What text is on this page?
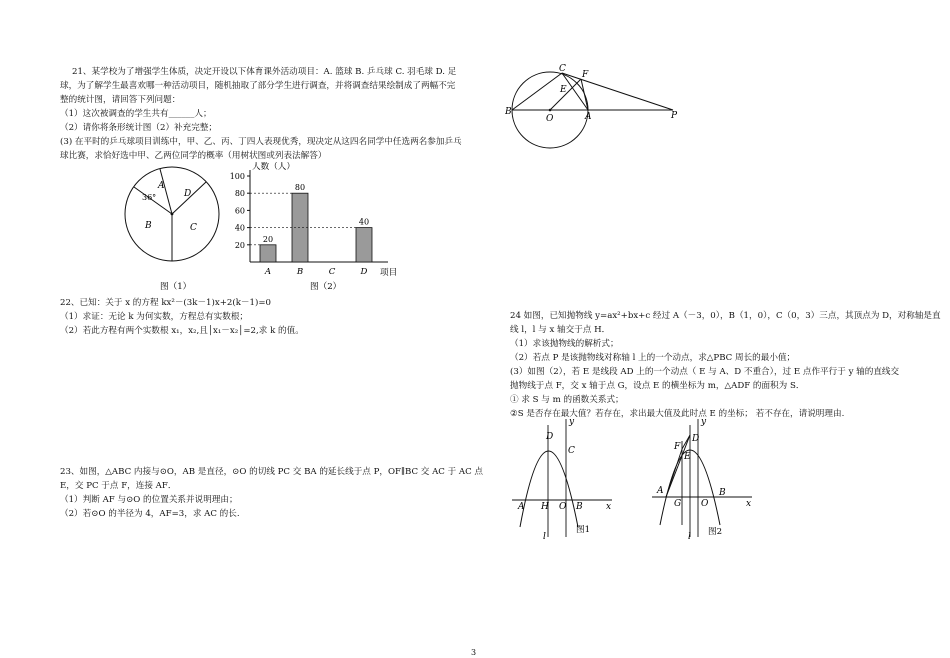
21、某学校为了增强学生体质，决定开设以下体育课外活动项目：A. 篮球 B. 乒乓球 C. 羽毛球 D. 足
球，为了解学生最喜欢哪一种活动项目，随机抽取了部分学生进行调查，并将调查结果绘制成了两幅不完
整的统计图，请回答下列问题：
（1）这次被调查的学生共有______人；
（2）请你将条形统计图（2）补充完整；
(3) 在平时的乒乓球项目训练中，甲、乙、丙、丁四人表现优秀，现决定从这四名同学中任选两名参加乒乓
球比赛，求恰好选中甲、乙两位同学的概率（用树状图或列表法解答）
A
36°
B	C
D
图（1）
20
40
60
80
100
A
20
B
80
C	D
40
人数（人）
项目
图（2）
22、已知：关于 x 的方程 kx²－(3k－1)x+2(k－1)=0
（1）求证：无论 k 为何实数，方程总有实数根；
（2）若此方程有两个实数根 x₁，x₂,且│x₁－x₂│=2,求 k 的值。
23、如图，△ABC 内接与⊙O，AB 是直径，⊙O 的切线 PC 交 BA 的延长线于点 P，OF∥BC 交 AC 于 AC 点
E，交 PC 于点 F，连接 AF．
（1）判断 AF 与⊙O 的位置关系并说明理由；
（2）若⊙O 的半径为 4，AF=3，求 AC 的长.
C
F
E
B
O	A	P
24 如图，已知抛物线 y=ax²+bx+c 经过 A（－3，0），B（1，0），C（0，3）三点，其顶点为 D，对称轴是直
线 l，l 与 x 轴交于点 H．
（1）求该抛物线的解析式；
（2）若点 P 是该抛物线对称轴 l 上的一个动点，求△PBC 周长的最小值；
(3）如图（2），若 E 是线段 AD 上的一个动点（ E 与 A、D 不重合），过 E 点作平行于 y 轴的直线交
抛物线于点 F，交 x 轴于点 G，设点 E 的横坐标为 m，△ADF 的面积为 S．
① 求 S 与 m 的函数关系式；
②S 是否存在最大值？若存在，求出最大值及此时点 E 的坐标； 若不存在，请说明理由.
y
D
C
A H O B	x
l
图1
y
F
D
E
A
G O
B
x
l 图2
3
